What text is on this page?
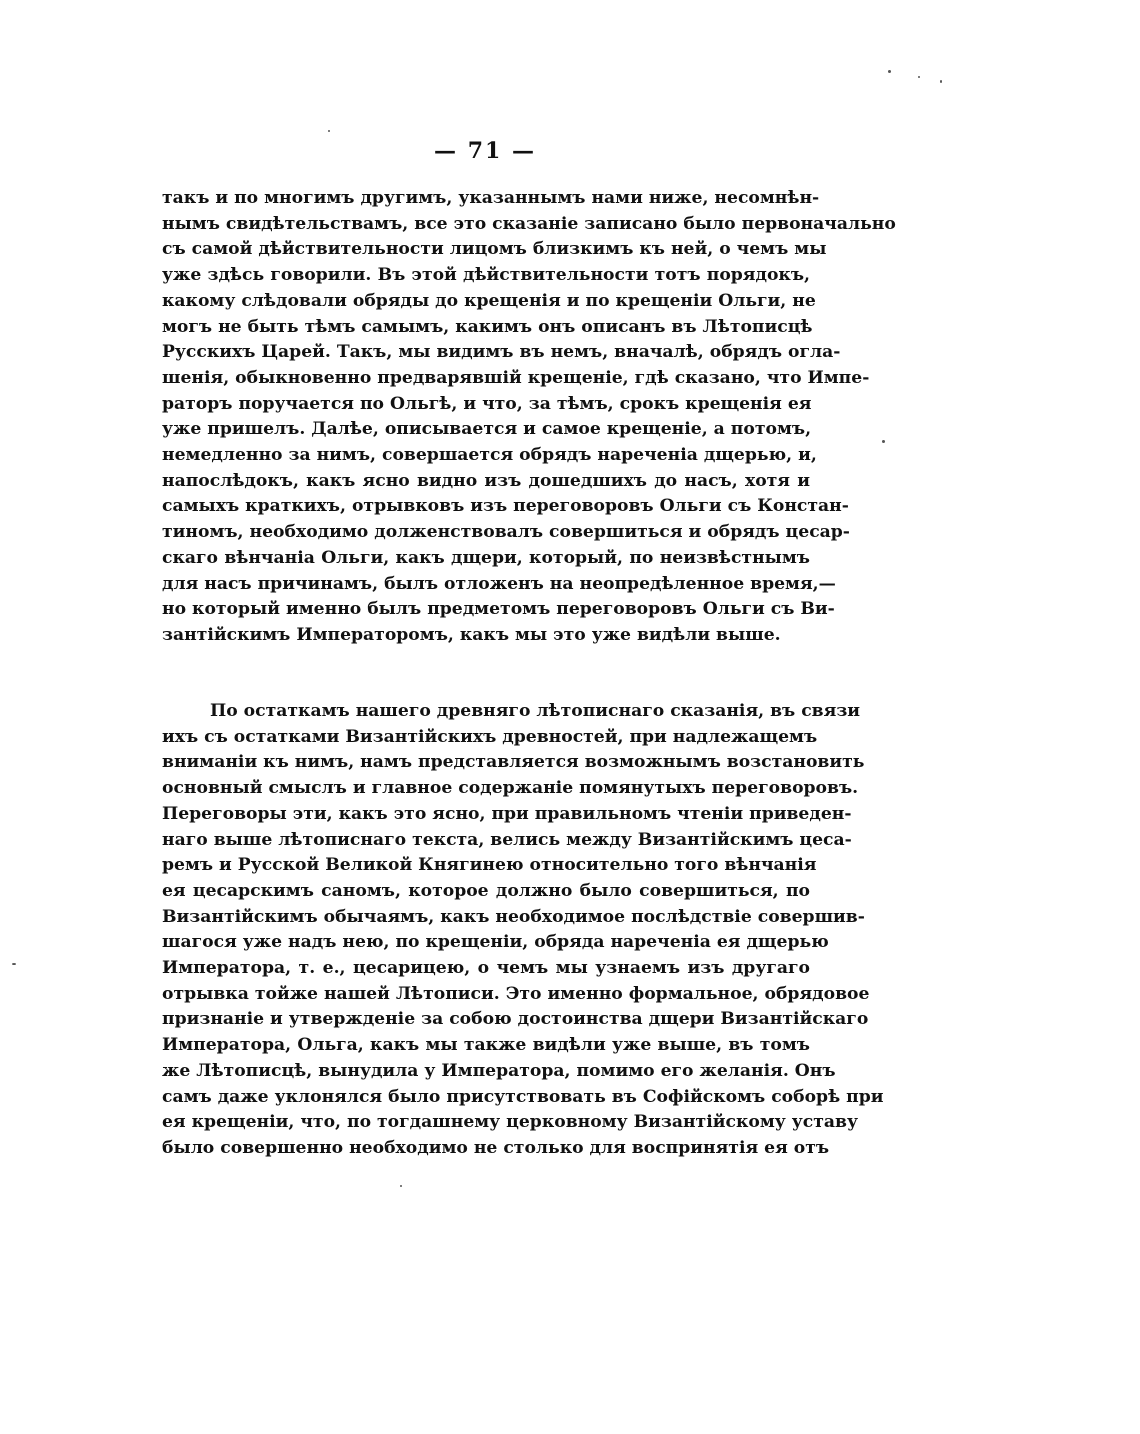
— 71 —
такъ и по многимъ другимъ, указаннымъ нами ниже, несомнѣн-
нымъ свидѣтельствамъ, все это сказаніе записано было первоначально
съ самой дѣйствительности лицомъ близкимъ къ ней, о чемъ мы
уже здѣсь говорили. Въ этой дѣйствительности тотъ порядокъ,
какому слѣдовали обряды до крещенія и по крещеніи Ольги, не
могъ не быть тѣмъ самымъ, какимъ онъ описанъ въ Лѣтописцѣ
Русскихъ Царей. Такъ, мы видимъ въ немъ, вначалѣ, обрядъ огла-
шенія, обыкновенно предварявшій крещеніе, гдѣ сказано, что Импе-
раторъ поручается по Ольгѣ, и что, за тѣмъ, срокъ крещенія ея
уже пришелъ. Далѣе, описывается и самое крещеніе, а потомъ,
немедленно за нимъ, совершается обрядъ нареченіа дщерью, и,
напослѣдокъ, какъ ясно видно изъ дошедшихъ до насъ, хотя и
самыхъ краткихъ, отрывковъ изъ переговоровъ Ольги съ Констан-
тиномъ, необходимо долженствовалъ совершиться и обрядъ цесар-
скаго вѣнчаніа Ольги, какъ дщери, который, по неизвѣстнымъ
для насъ причинамъ, былъ отложенъ на неопредѣленное время,—
но который именно былъ предметомъ переговоровъ Ольги съ Ви-
зантійскимъ Императоромъ, какъ мы это уже видѣли выше.
По остаткамъ нашего древняго лѣтописнаго сказанія, въ связи
ихъ съ остатками Византійскихъ древностей, при надлежащемъ
вниманіи къ нимъ, намъ представляется возможнымъ возстановить
основный смыслъ и главное содержаніе помянутыхъ переговоровъ.
Переговоры эти, какъ это ясно, при правильномъ чтеніи приведен-
наго выше лѣтописнаго текста, велись между Византійскимъ цеса-
ремъ и Русской Великой Княгинею относительно того вѣнчанія
ея цесарскимъ саномъ, которое должно было совершиться, по
Византійскимъ обычаямъ, какъ необходимое послѣдствіе совершив-
шагося уже надъ нею, по крещеніи, обряда нареченіа ея дщерью
Императора, т. е., цесарицею, о чемъ мы узнаемъ изъ другаго
отрывка тойже нашей Лѣтописи. Это именно формальное, обрядовое
признаніе и утвержденіе за собою достоинства дщери Византійскаго
Императора, Ольга, какъ мы также видѣли уже выше, въ томъ
же Лѣтописцѣ, вынудила у Императора, помимо его желанія. Онъ
самъ даже уклонялся было присутствовать въ Софійскомъ соборѣ при
ея крещеніи, что, по тогдашнему церковному Византійскому уставу
было совершенно необходимо не столько для воспринятія ея отъ
